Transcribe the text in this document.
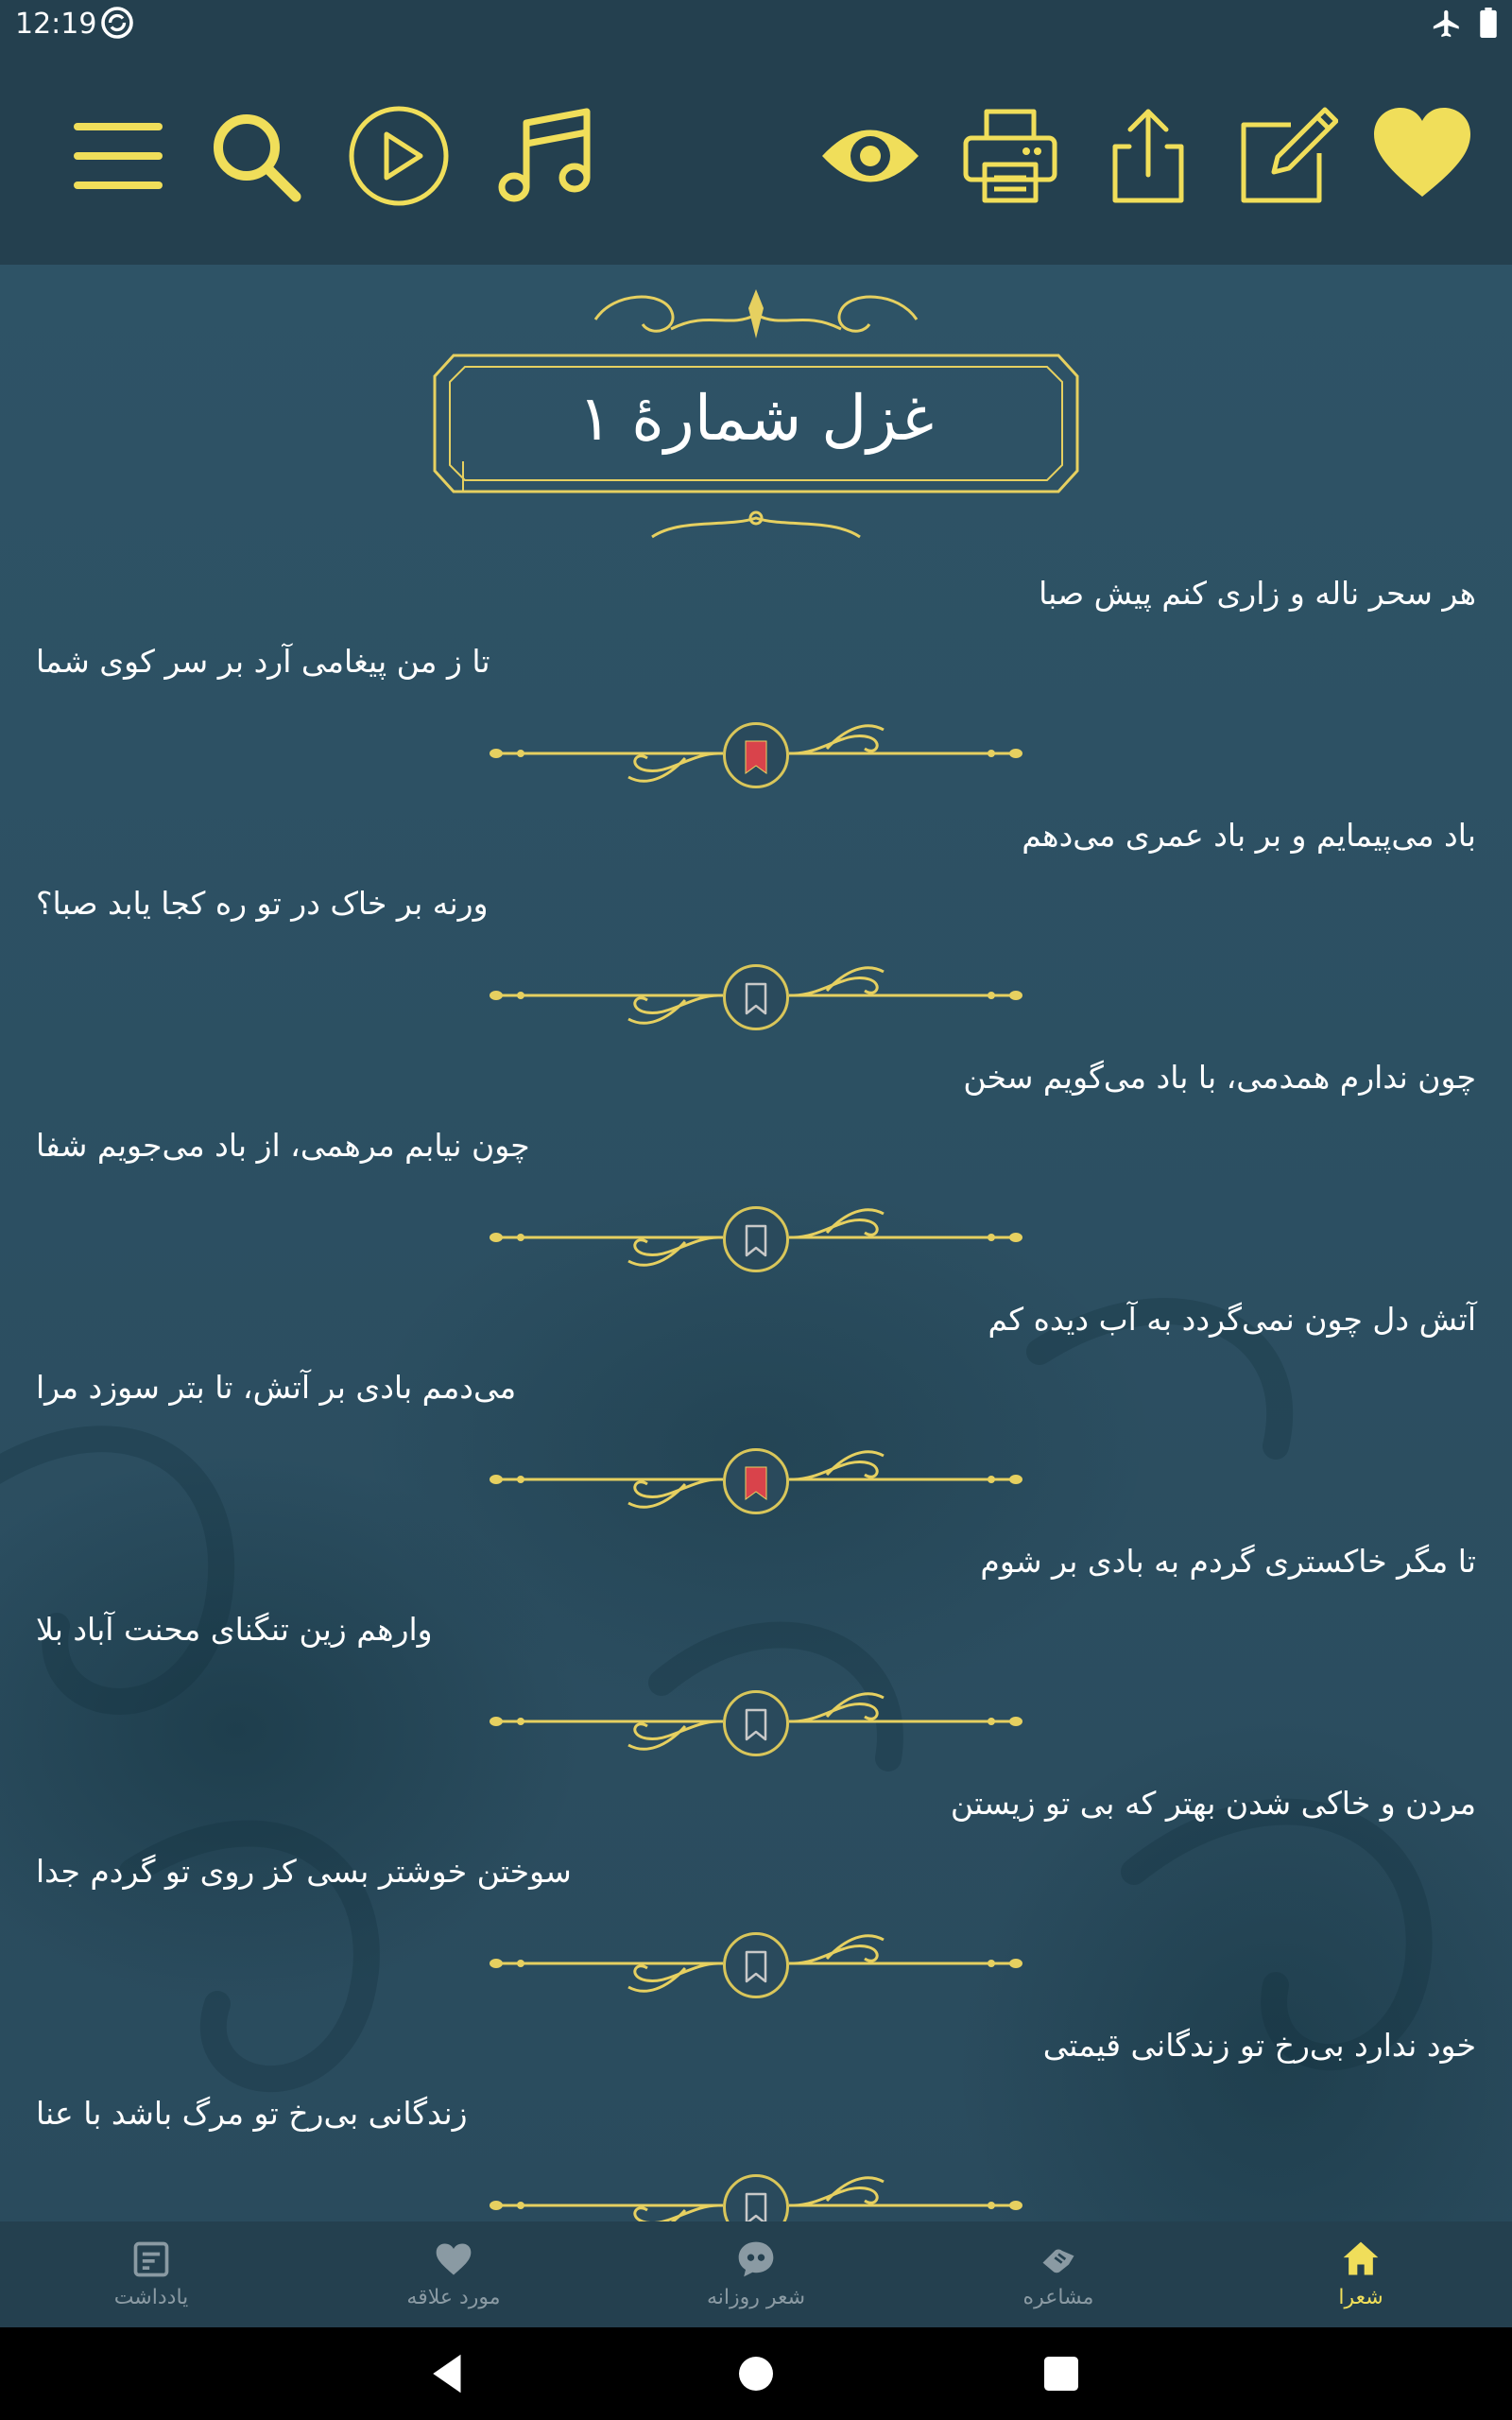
12:19
غزل شمارهٔ ۱
هر سحر ناله و زاری کنم پیش صبا
تا ز من پیغامی آرد بر سر کوی شما
باد می‌پیمایم و بر باد عمری می‌دهم
ورنه بر خاک در تو ره کجا یابد صبا؟
چون ندارم همدمی، با باد می‌گویم سخن
چون نیابم مرهمی، از باد می‌جویم شفا
آتش دل چون نمی‌گردد به آب دیده کم
می‌دمم بادی بر آتش، تا بتر سوزد مرا
تا مگر خاکستری گردم به بادی بر شوم
وارهم زین تنگنای محنت آباد بلا
مردن و خاکی شدن بهتر که بی تو زیستن
سوختن خوشتر بسی کز روی تو گردم جدا
خود ندارد بی‌رخ تو زندگانی قیمتی
زندگانی بی‌رخ تو مرگ باشد با عنا
یادداشت	مورد علاقه	شعر روزانه	مشاعره	شعرا
